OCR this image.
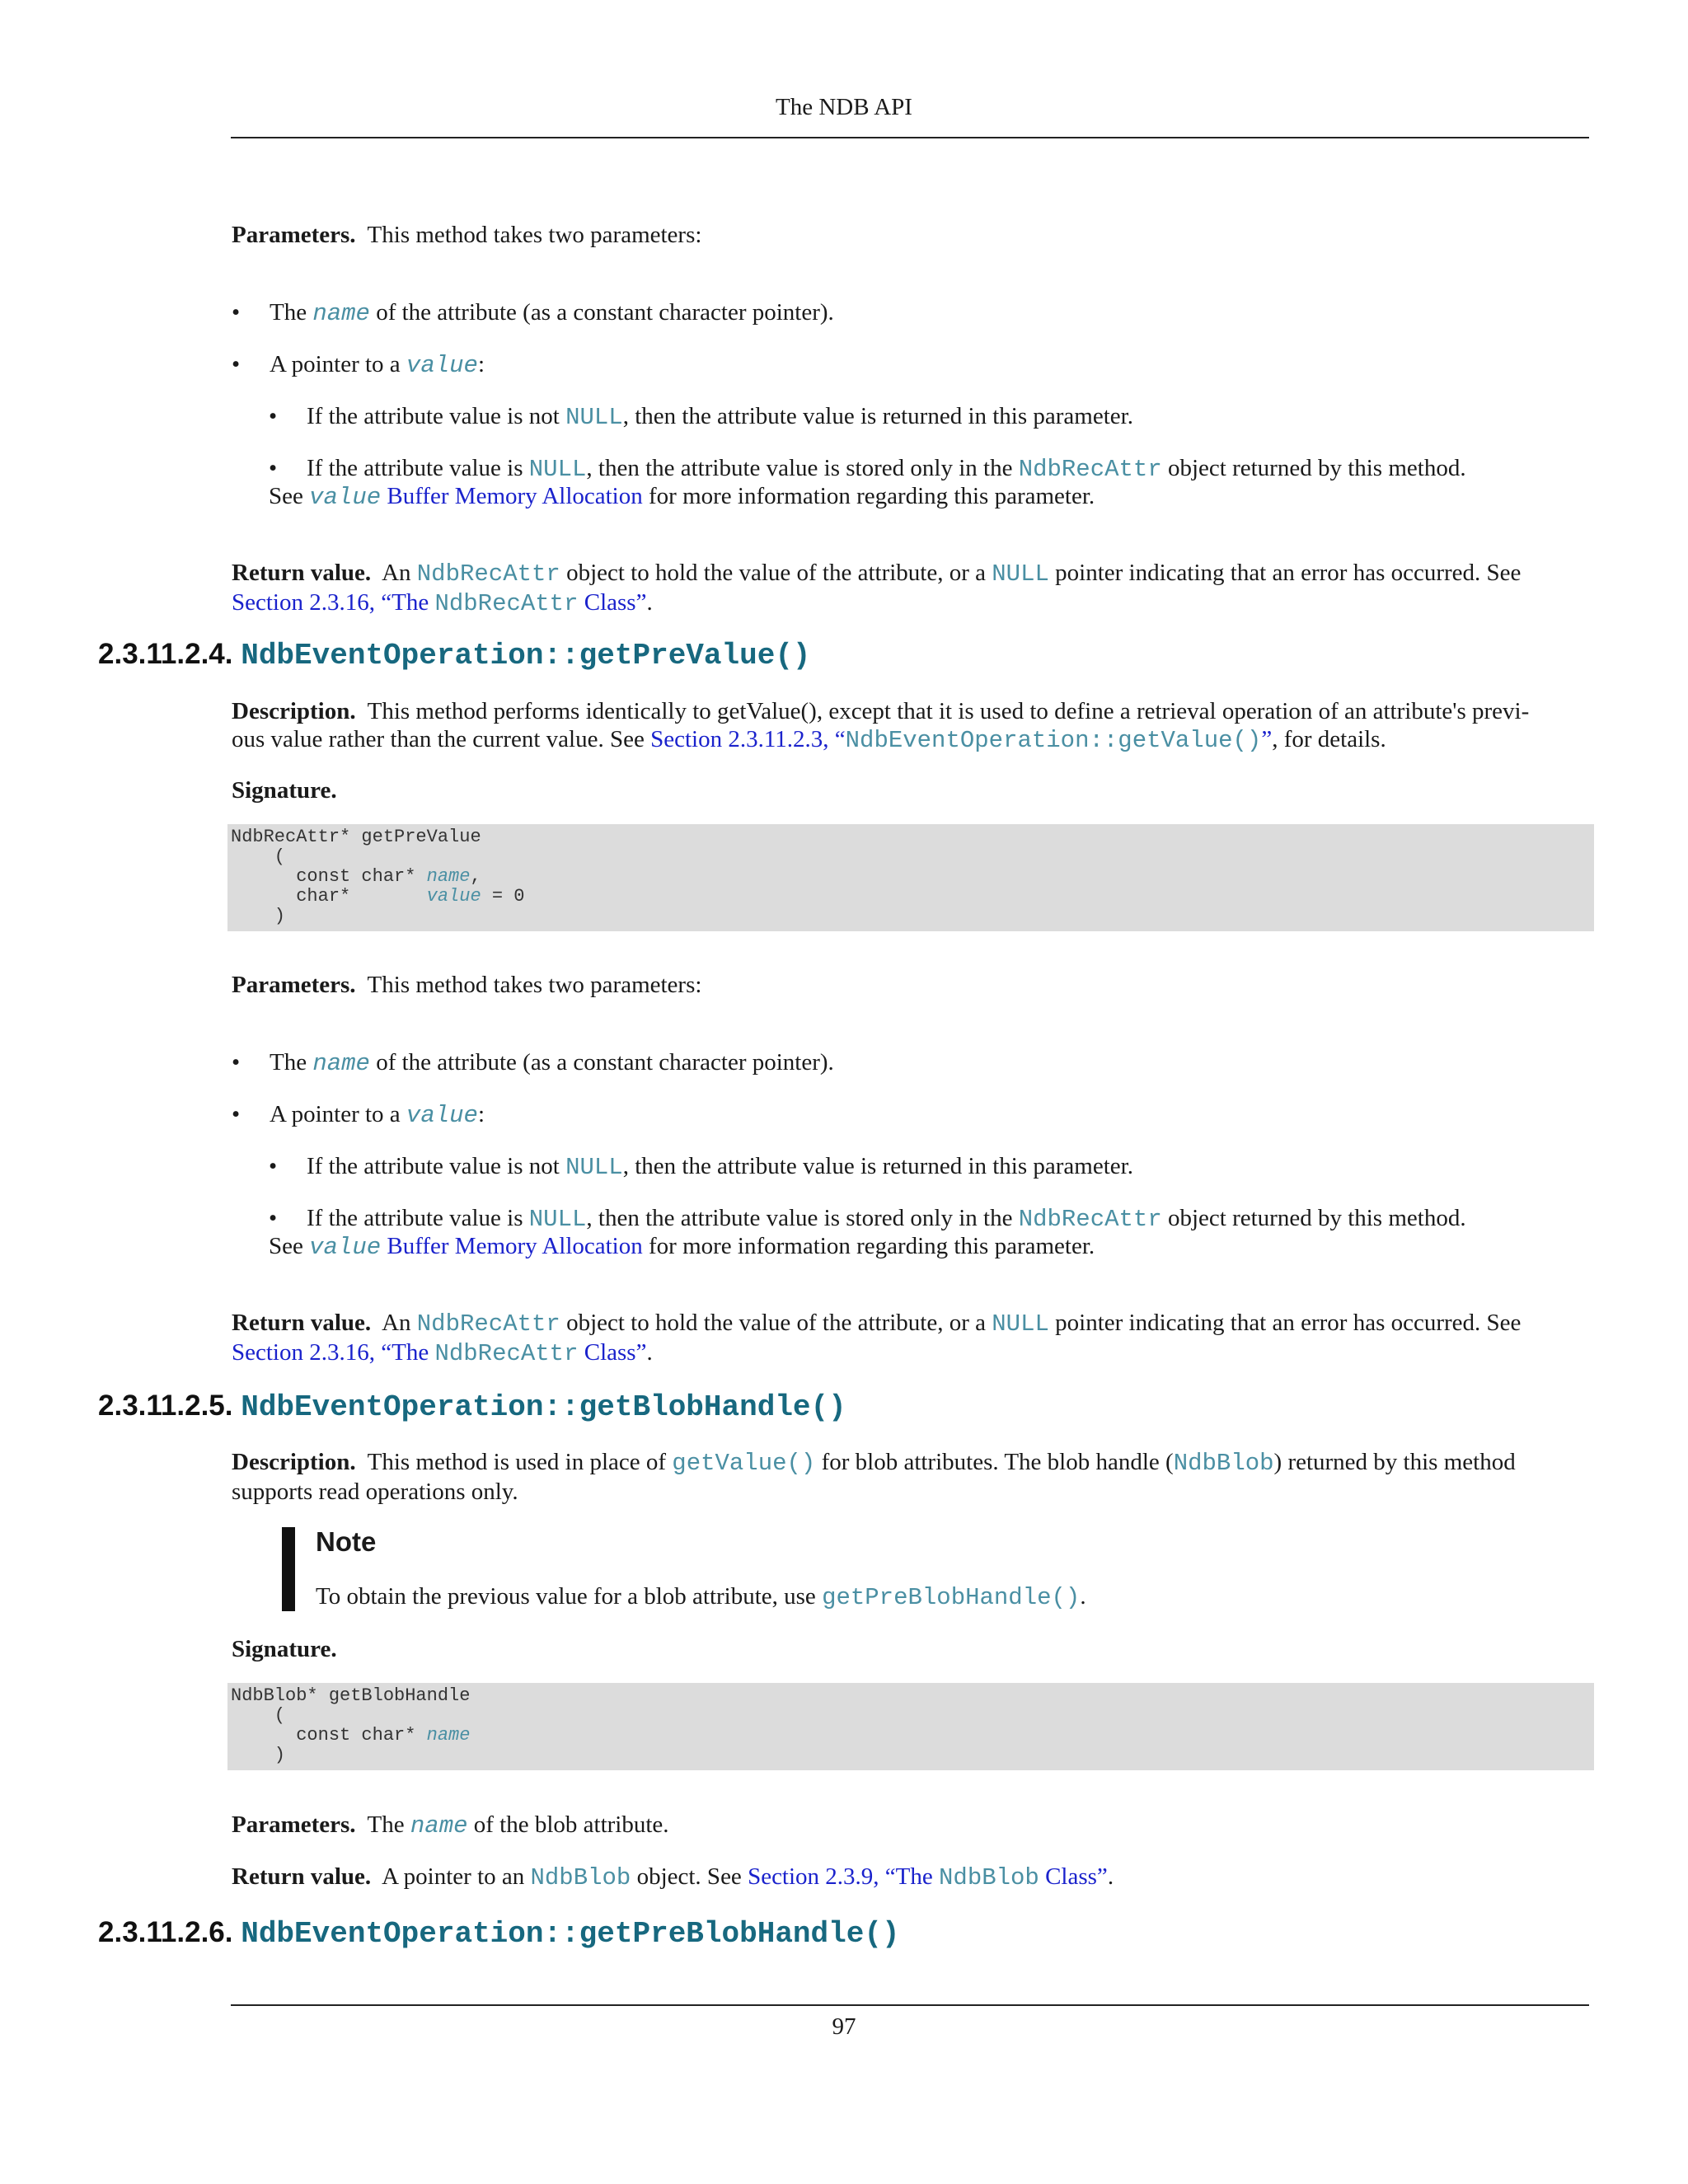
The NDB API
Parameters. This method takes two parameters:
• The name of the attribute (as a constant character pointer).
• A pointer to a value:
• If the attribute value is not NULL, then the attribute value is returned in this parameter.
• If the attribute value is NULL, then the attribute value is stored only in the NdbRecAttr object returned by this method.
See value Buffer Memory Allocation for more information regarding this parameter.
Return value. An NdbRecAttr object to hold the value of the attribute, or a NULL pointer indicating that an error has occurred. See
Section 2.3.16, “The NdbRecAttr Class”.
2.3.11.2.4. NdbEventOperation::getPreValue()
Description. This method performs identically to getValue(), except that it is used to define a retrieval operation of an attribute's previ-
ous value rather than the current value. See Section 2.3.11.2.3, “NdbEventOperation::getValue()”, for details.
Signature.
NdbRecAttr* getPreValue
(
const char* name,
char*       value = 0
)
Parameters. This method takes two parameters:
• The name of the attribute (as a constant character pointer).
• A pointer to a value:
• If the attribute value is not NULL, then the attribute value is returned in this parameter.
• If the attribute value is NULL, then the attribute value is stored only in the NdbRecAttr object returned by this method.
See value Buffer Memory Allocation for more information regarding this parameter.
Return value. An NdbRecAttr object to hold the value of the attribute, or a NULL pointer indicating that an error has occurred. See
Section 2.3.16, “The NdbRecAttr Class”.
2.3.11.2.5. NdbEventOperation::getBlobHandle()
Description. This method is used in place of getValue() for blob attributes. The blob handle (NdbBlob) returned by this method
supports read operations only.
Note
To obtain the previous value for a blob attribute, use getPreBlobHandle().
Signature.
NdbBlob* getBlobHandle
(
const char* name
)
Parameters. The name of the blob attribute.
Return value. A pointer to an NdbBlob object. See Section 2.3.9, “The NdbBlob Class”.
2.3.11.2.6. NdbEventOperation::getPreBlobHandle()
97
